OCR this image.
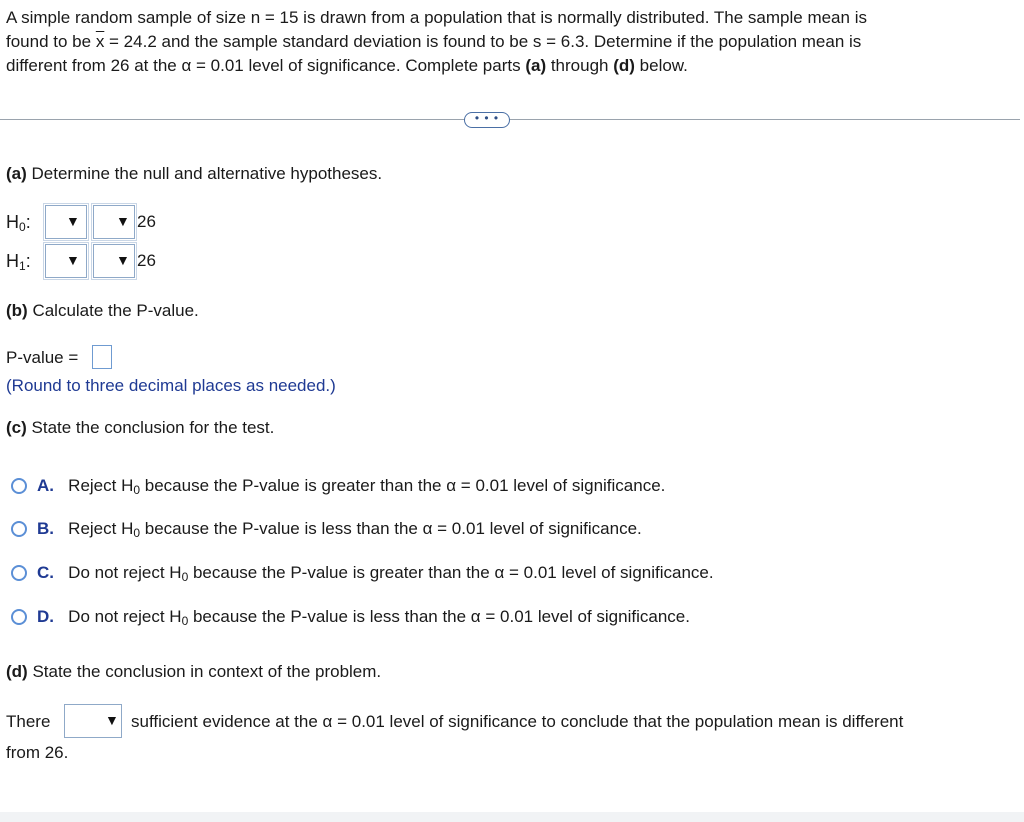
A simple random sample of size n = 15 is drawn from a population that is normally distributed. The sample mean is
found to be $\overline{x} = 24.2$ and the sample standard deviation is found to be s = 6.3. Determine if the population mean is
different from 26 at the α = 0.01 level of significance. Complete parts (a) through (d) below.
• • •
(a) Determine the null and alternative hypotheses.
$H_0$:	▼	▼ 26
$H_1$:	▼	▼ 26
(b) Calculate the P-value.
P-value =
(Round to three decimal places as needed.)
(c) State the conclusion for the test.
A. Reject $H_0$ because the P-value is greater than the α = 0.01 level of significance.
B. Reject $H_0$ because the P-value is less than the α = 0.01 level of significance.
C. Do not reject $H_0$ because the P-value is greater than the α = 0.01 level of significance.
D. Do not reject $H_0$ because the P-value is less than the α = 0.01 level of significance.
(d) State the conclusion in context of the problem.
There	▼ sufficient evidence at the α = 0.01 level of significance to conclude that the population mean is different
from 26.
